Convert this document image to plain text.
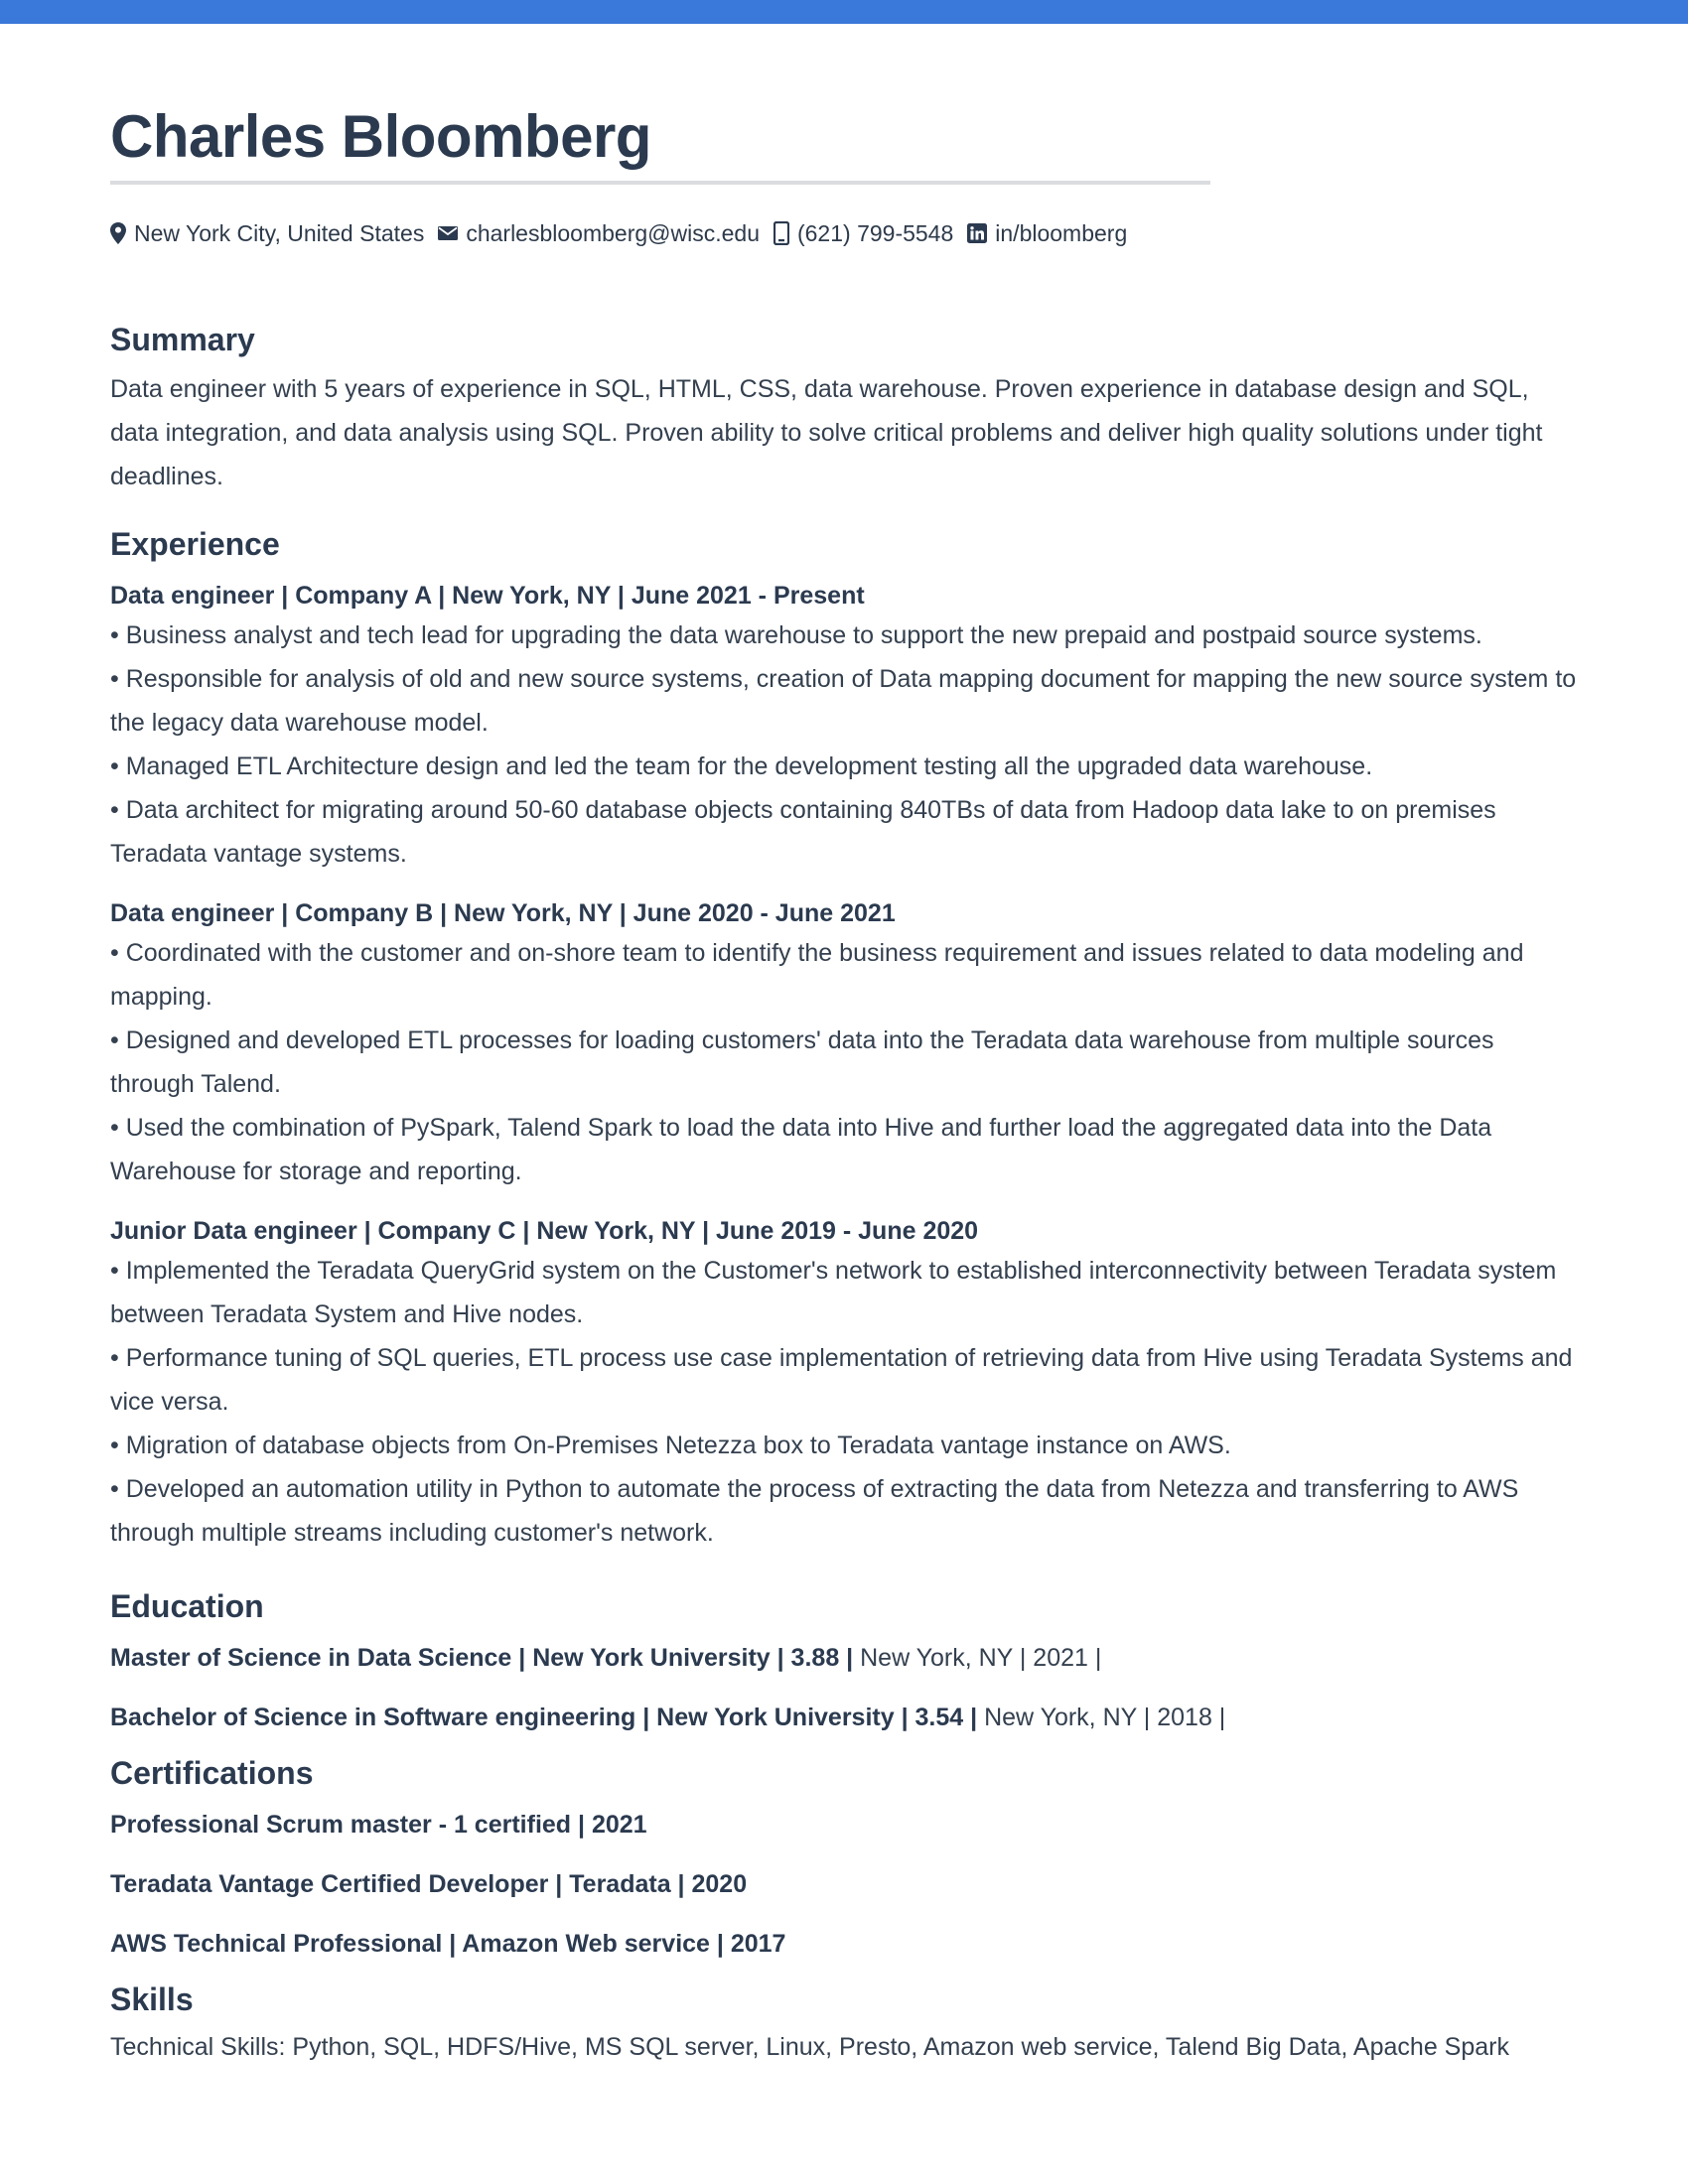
Charles Bloomberg
New York City, United States charlesbloomberg@wisc.edu (621) 799-5548 in/bloomberg
Summary

Data engineer with 5 years of experience in SQL, HTML, CSS, data warehouse. Proven experience in database design and SQL, data integration, and data analysis using SQL. Proven ability to solve critical problems and deliver high quality solutions under tight deadlines.

Experience
Data engineer | Company A | New York, NY | June 2021 - Present
• Business analyst and tech lead for upgrading the data warehouse to support the new prepaid and postpaid source systems.
• Responsible for analysis of old and new source systems, creation of Data mapping document for mapping the new source system to the legacy data warehouse model.
• Managed ETL Architecture design and led the team for the development testing all the upgraded data warehouse.
• Data architect for migrating around 50-60 database objects containing 840TBs of data from Hadoop data lake to on premises Teradata vantage systems.
Data engineer | Company B | New York, NY | June 2020 - June 2021
• Coordinated with the customer and on-shore team to identify the business requirement and issues related to data modeling and mapping.
• Designed and developed ETL processes for loading customers' data into the Teradata data warehouse from multiple sources through Talend.
• Used the combination of PySpark, Talend Spark to load the data into Hive and further load the aggregated data into the Data Warehouse for storage and reporting.
Junior Data engineer | Company C | New York, NY | June 2019 - June 2020
• Implemented the Teradata QueryGrid system on the Customer's network to established interconnectivity between Teradata system between Teradata System and Hive nodes.
• Performance tuning of SQL queries, ETL process use case implementation of retrieving data from Hive using Teradata Systems and vice versa.
• Migration of database objects from On-Premises Netezza box to Teradata vantage instance on AWS.
• Developed an automation utility in Python to automate the process of extracting the data from Netezza and transferring to AWS through multiple streams including customer's network.
Education
Master of Science in Data Science | New York University | 3.88 | New York, NY | 2021 |
Bachelor of Science in Software engineering | New York University | 3.54 | New York, NY | 2018 |
Certifications
Professional Scrum master - 1 certified | 2021
Teradata Vantage Certified Developer | Teradata | 2020
AWS Technical Professional | Amazon Web service | 2017
Skills
Technical Skills: Python, SQL, HDFS/Hive, MS SQL server, Linux, Presto, Amazon web service, Talend Big Data, Apache Spark
